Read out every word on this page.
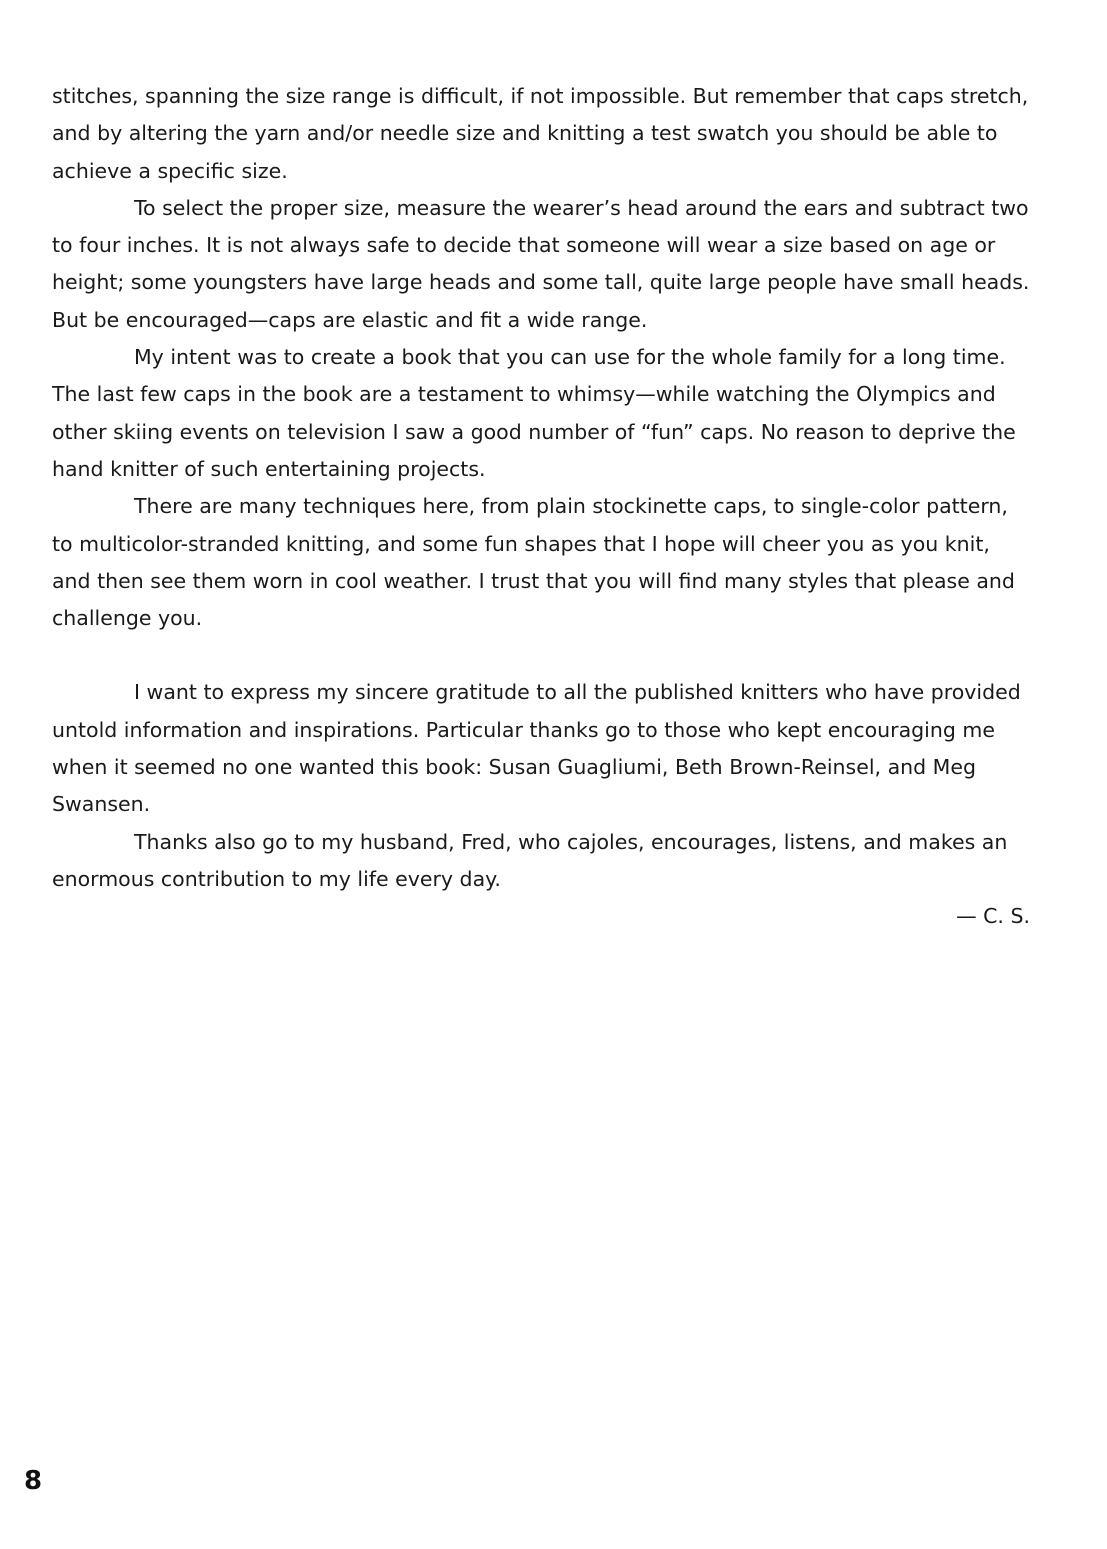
stitches, spanning the size range is difficult, if not impossible. But remember that caps stretch, and by altering the yarn and/or needle size and knitting a test swatch you should be able to achieve a specific size.

To select the proper size, measure the wearer’s head around the ears and subtract two to four inches. It is not always safe to decide that someone will wear a size based on age or height; some youngsters have large heads and some tall, quite large people have small heads. But be encouraged—caps are elastic and fit a wide range.

My intent was to create a book that you can use for the whole family for a long time. The last few caps in the book are a testament to whimsy—while watching the Olympics and other skiing events on television I saw a good number of “fun” caps. No reason to deprive the hand knitter of such entertaining projects.

There are many techniques here, from plain stockinette caps, to single-color pattern, to multicolor-stranded knitting, and some fun shapes that I hope will cheer you as you knit, and then see them worn in cool weather. I trust that you will find many styles that please and challenge you.

I want to express my sincere gratitude to all the published knitters who have provided untold information and inspirations. Particular thanks go to those who kept encouraging me when it seemed no one wanted this book: Susan Guagliumi, Beth Brown-Reinsel, and Meg Swansen.

Thanks also go to my husband, Fred, who cajoles, encourages, listens, and makes an enormous contribution to my life every day.

— C. S.

8
